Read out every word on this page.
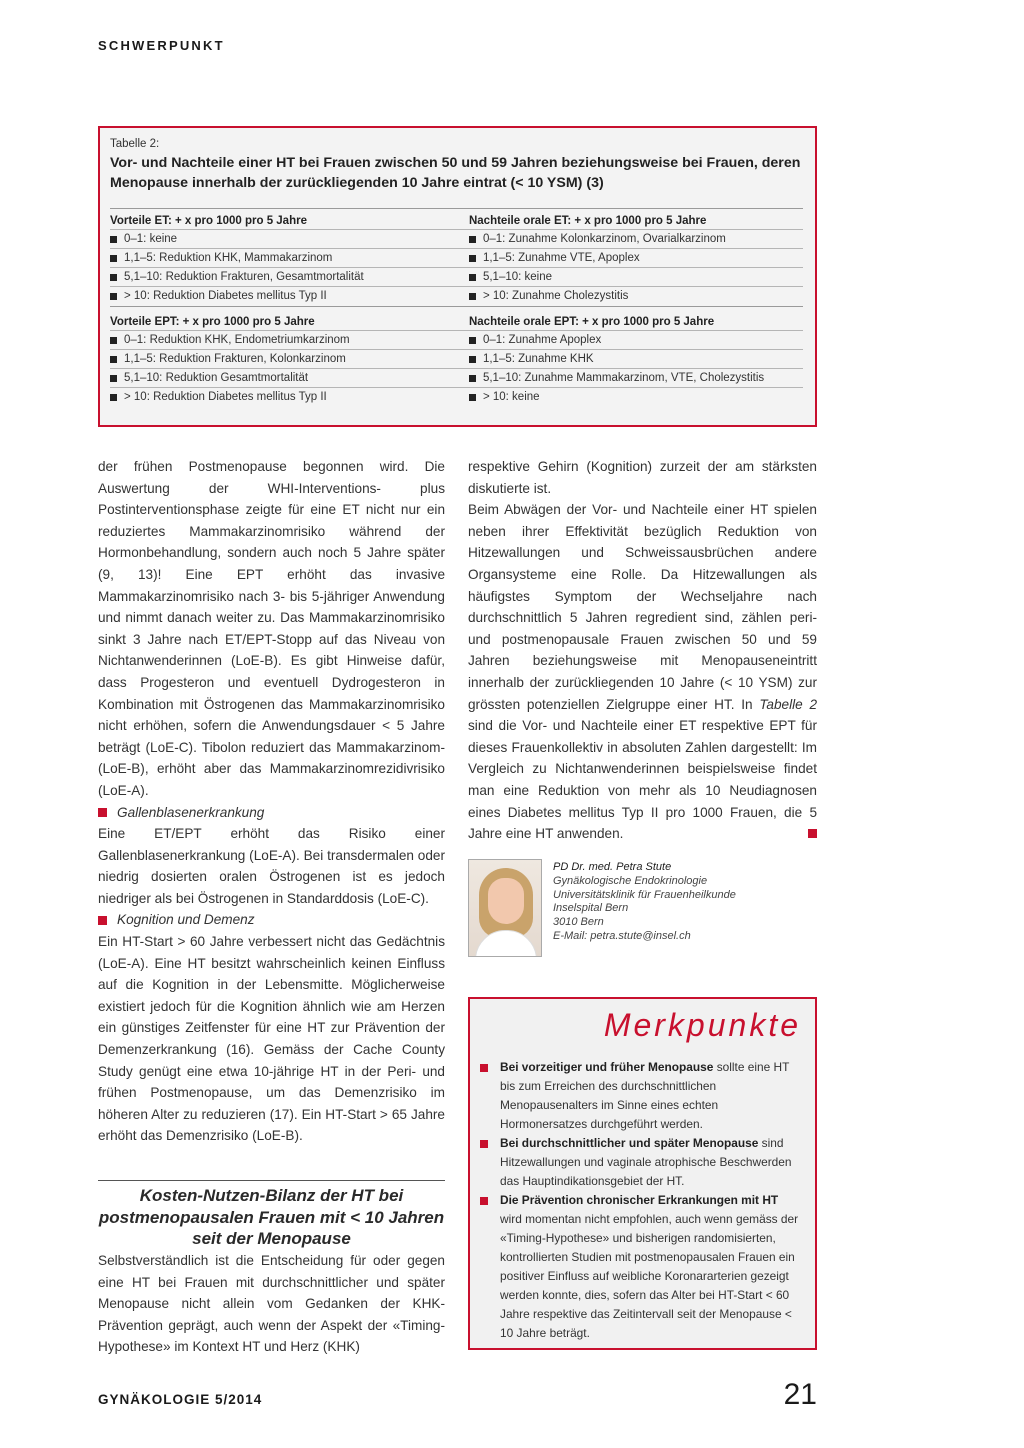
SCHWERPUNKT
Tabelle 2:
Vor- und Nachteile einer HT bei Frauen zwischen 50 und 59 Jahren beziehungsweise bei Frauen, deren Menopause innerhalb der zurückliegenden 10 Jahre eintrat (< 10 YSM) (3)
Vorteile ET: + x pro 1000 pro 5 Jahre
0–1: keine
1,1–5: Reduktion KHK, Mammakarzinom
5,1–10: Reduktion Frakturen, Gesamtmortalität
> 10: Reduktion Diabetes mellitus Typ II
Nachteile orale ET: + x pro 1000 pro 5 Jahre
0–1: Zunahme Kolonkarzinom, Ovarialkarzinom
1,1–5: Zunahme VTE, Apoplex
5,1–10: keine
> 10: Zunahme Cholezystitis
Vorteile EPT: + x pro 1000 pro 5 Jahre
0–1: Reduktion KHK, Endometriumkarzinom
1,1–5: Reduktion Frakturen, Kolonkarzinom
5,1–10: Reduktion Gesamtmortalität
> 10: Reduktion Diabetes mellitus Typ II
Nachteile orale EPT: + x pro 1000 pro 5 Jahre
0–1: Zunahme Apoplex
1,1–5: Zunahme KHK
5,1–10: Zunahme Mammakarzinom, VTE, Cholezystitis
> 10: keine

der frühen Postmenopause begonnen wird. Die Auswertung der WHI-Interventions- plus Postinterventionsphase zeigte für eine ET nicht nur ein reduziertes Mammakarzinomrisiko während der Hormonbehandlung, sondern auch noch 5 Jahre später (9, 13)! Eine EPT erhöht das invasive Mammakarzinomrisiko nach 3- bis 5-jähriger Anwendung und nimmt danach weiter zu. Das Mammakarzinomrisiko sinkt 3 Jahre nach ET/EPT-Stopp auf das Niveau von Nichtanwenderinnen (LoE-B). Es gibt Hinweise dafür, dass Progesteron und eventuell Dydrogesteron in Kombination mit Östrogenen das Mammakarzinomrisiko nicht erhöhen, sofern die Anwendungsdauer < 5 Jahre beträgt (LoE-C). Tibolon reduziert das Mammakarzinom- (LoE-B), erhöht aber das Mammakarzinomrezidivrisiko (LoE-A).

Gallenblasenerkrankung

Eine ET/EPT erhöht das Risiko einer Gallenblasenerkrankung (LoE-A). Bei transdermalen oder niedrig dosierten oralen Östrogenen ist es jedoch niedriger als bei Östrogenen in Standarddosis (LoE-C).

Kognition und Demenz

Ein HT-Start > 60 Jahre verbessert nicht das Gedächtnis (LoE-A). Eine HT besitzt wahrscheinlich keinen Einfluss auf die Kognition in der Lebensmitte. Möglicherweise existiert jedoch für die Kognition ähnlich wie am Herzen ein günstiges Zeitfenster für eine HT zur Prävention der Demenzerkrankung (16). Gemäss der Cache County Study genügt eine etwa 10-jährige HT in der Peri- und frühen Postmenopause, um das Demenzrisiko im höheren Alter zu reduzieren (17). Ein HT-Start > 65 Jahre erhöht das Demenzrisiko (LoE-B).

Kosten-Nutzen-Bilanz der HT bei postmenopausalen Frauen mit < 10 Jahren seit der Menopause

Selbstverständlich ist die Entscheidung für oder gegen eine HT bei Frauen mit durchschnittlicher und später Menopause nicht allein vom Gedanken der KHK-Prävention geprägt, auch wenn der Aspekt der «Timing-Hypothese» im Kontext HT und Herz (KHK)

respektive Gehirn (Kognition) zurzeit der am stärksten diskutierte ist.

Beim Abwägen der Vor- und Nachteile einer HT spielen neben ihrer Effektivität bezüglich Reduktion von Hitzewallungen und Schweissausbrüchen andere Organsysteme eine Rolle. Da Hitzewallungen als häufigstes Symptom der Wechseljahre nach durchschnittlich 5 Jahren regredient sind, zählen peri- und postmenopausale Frauen zwischen 50 und 59 Jahren beziehungsweise mit Menopauseneintritt innerhalb der zurückliegenden 10 Jahre (< 10 YSM) zur grössten potenziellen Zielgruppe einer HT. In Tabelle 2 sind die Vor- und Nachteile einer ET respektive EPT für dieses Frauenkollektiv in absoluten Zahlen dargestellt: Im Vergleich zu Nichtanwenderinnen beispielsweise findet man eine Reduktion von mehr als 10 Neudiagnosen eines Diabetes mellitus Typ II pro 1000 Frauen, die 5 Jahre eine HT anwenden.

PD Dr. med. Petra Stute
Gynäkologische Endokrinologie
Universitätsklinik für Frauenheilkunde
Inselspital Bern
3010 Bern
E-Mail: petra.stute@insel.ch
Merkpunkte
Bei vorzeitiger und früher Menopause sollte eine HT bis zum Erreichen des durchschnittlichen Menopausenalters im Sinne eines echten Hormonersatzes durchgeführt werden.
Bei durchschnittlicher und später Menopause sind Hitzewallungen und vaginale atrophische Beschwerden das Hauptindikationsgebiet der HT.
Die Prävention chronischer Erkrankungen mit HT wird momentan nicht empfohlen, auch wenn gemäss der «Timing-Hypothese» und bisherigen randomisierten, kontrollierten Studien mit postmenopausalen Frauen ein positiver Einfluss auf weibliche Koronararterien gezeigt werden konnte, dies, sofern das Alter bei HT-Start < 60 Jahre respektive das Zeitintervall seit der Menopause < 10 Jahre beträgt.
GYNÄKOLOGIE 5/2014	21
